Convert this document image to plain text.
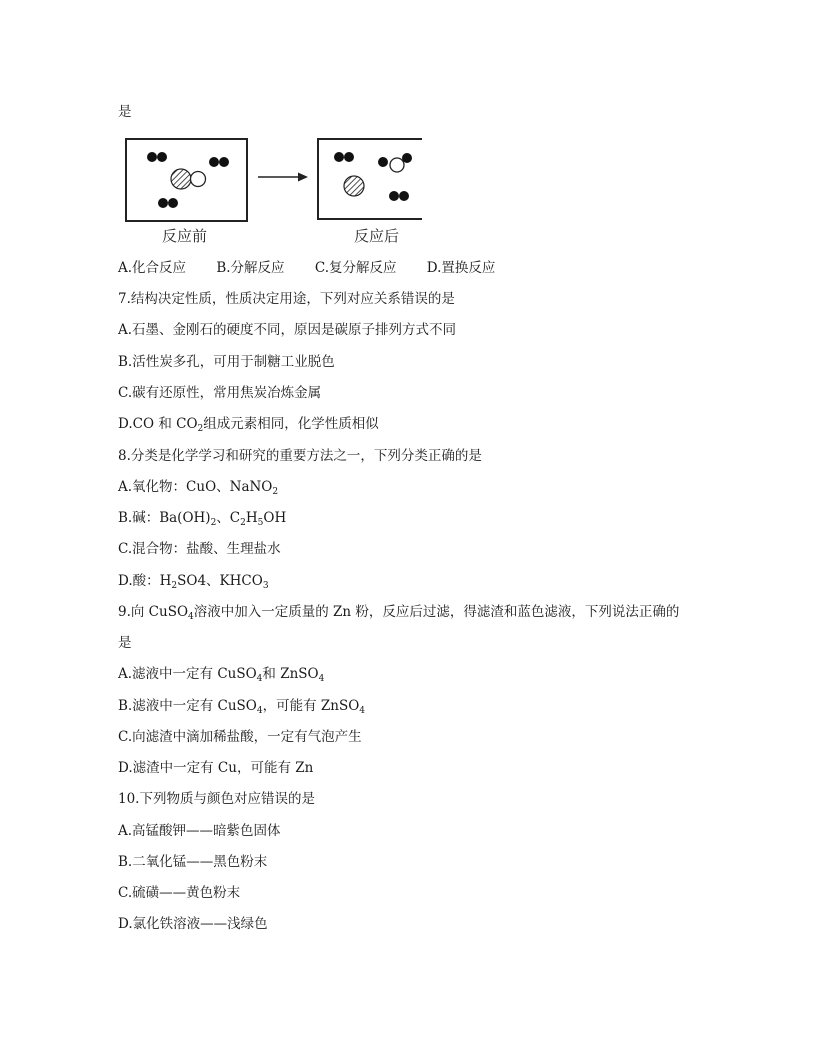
是
反应前	反应后
A.化合反应 B.分解反应 C.复分解反应 D.置换反应
7.结构决定性质，性质决定用途，下列对应关系错误的是
A.石墨、金刚石的硬度不同，原因是碳原子排列方式不同
B.活性炭多孔，可用于制糖工业脱色
C.碳有还原性，常用焦炭冶炼金属
D.CO 和 $CO_2$组成元素相同，化学性质相似
8.分类是化学学习和研究的重要方法之一，下列分类正确的是
A.氧化物：CuO、NaNO$_2$
B.碱：$Ba(OH)_2$、$C_2H_5OH$
C.混合物：盐酸、生理盐水
D.酸：$H_2SO4$、$KHCO_3$
9.向 CuSO$_4$溶液中加入一定质量的 Zn 粉，反应后过滤，得滤渣和蓝色滤液，下列说法正确的
是
A.滤液中一定有 CuSO$_4$和 ZnSO$_4$
B.滤液中一定有 CuSO$_4$，可能有 ZnSO$_4$
C.向滤渣中滴加稀盐酸，一定有气泡产生
D.滤渣中一定有 Cu，可能有 Zn
10.下列物质与颜色对应错误的是
A.高锰酸钾——暗紫色固体
B.二氧化锰——黑色粉末
C.硫磺——黄色粉末
D.氯化铁溶液——浅绿色
